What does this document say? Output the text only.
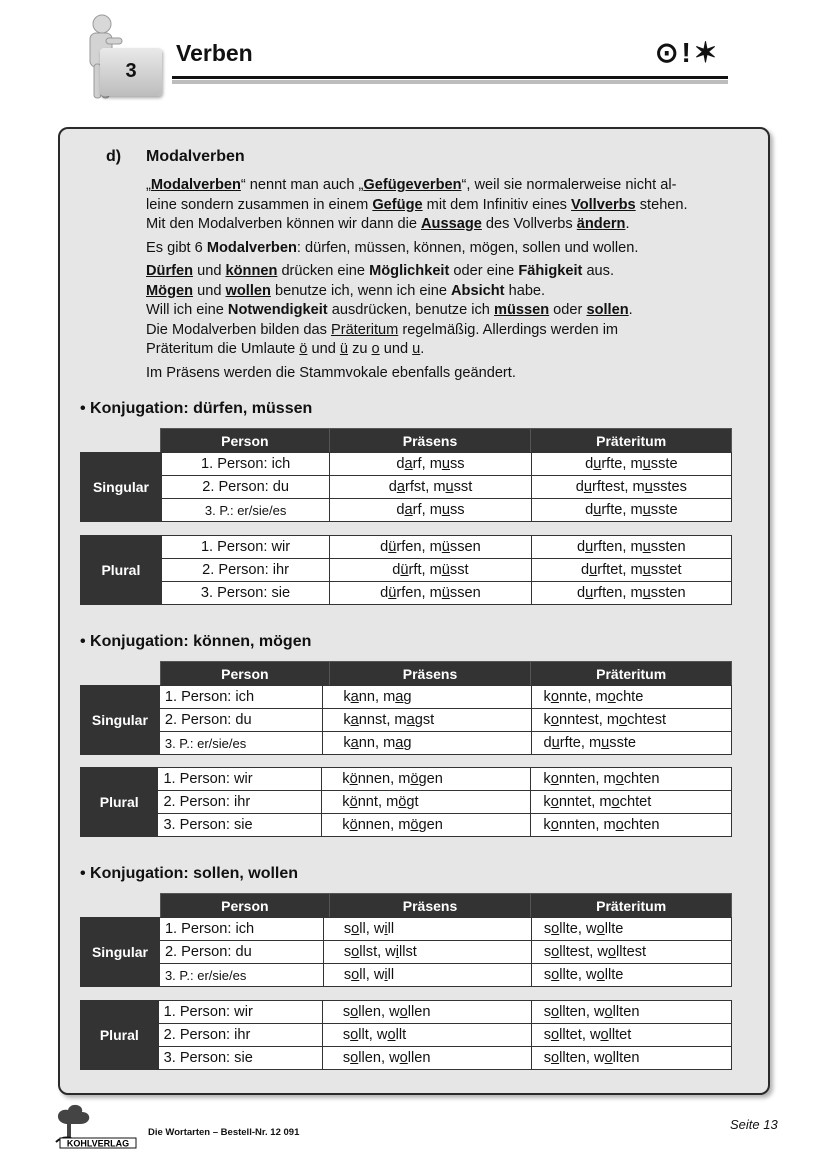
3
Verben	⊙!✶
d) Modalverben

„Modalverben“ nennt man auch „Gefügeverben“, weil sie normalerweise nicht al-
leine sondern zusammen in einem Gefüge mit dem Infinitiv eines Vollverbs stehen.
Mit den Modalverben können wir dann die Aussage des Vollverbs ändern.

Es gibt 6 Modalverben: dürfen, müssen, können, mögen, sollen und wollen.

Dürfen und können drücken eine Möglichkeit oder eine Fähigkeit aus.
Mögen und wollen benutze ich, wenn ich eine Absicht habe.
Will ich eine Notwendigkeit ausdrücken, benutze ich müssen oder sollen.
Die Modalverben bilden das Präteritum regelmäßig. Allerdings werden im
Präteritum die Umlaute ö und ü zu o und u.

Im Präsens werden die Stammvokale ebenfalls geändert.

• Konjugation: dürfen, müssen
Person	Präsens	Präteritum
Singular	1. Person: ich	darf, muss	durfte, musste
	2. Person: du	darfst, musst	durftest, musstes
	3. P.: er/sie/es	darf, muss	durfte, musste
Plural	1. Person: wir	dürfen, müssen	durften, mussten
	2. Person: ihr	dürft, müsst	durftet, musstet
	3. Person: sie	dürfen, müssen	durften, mussten
• Konjugation: können, mögen
Person	Präsens	Präteritum
Singular	1. Person: ich	kann, mag	konnte, mochte
	2. Person: du	kannst, magst	konntest, mochtest
	3. P.: er/sie/es	kann, mag	durfte, musste
Plural	1. Person: wir	können, mögen	konnten, mochten
	2. Person: ihr	könnt, mögt	konntet, mochtet
	3. Person: sie	können, mögen	konnten, mochten
• Konjugation: sollen, wollen
Person	Präsens	Präteritum
Singular	1. Person: ich	soll, will	sollte, wollte
	2. Person: du	sollst, willst	solltest, wolltest
	3. P.: er/sie/es	soll, will	sollte, wollte
Plural	1. Person: wir	sollen, wollen	sollten, wollten
	2. Person: ihr	sollt, wollt	solltet, wolltet
	3. Person: sie	sollen, wollen	sollten, wollten
KOHLVERLAG
Die Wortarten – Bestell-Nr. 12 091
Seite 13
